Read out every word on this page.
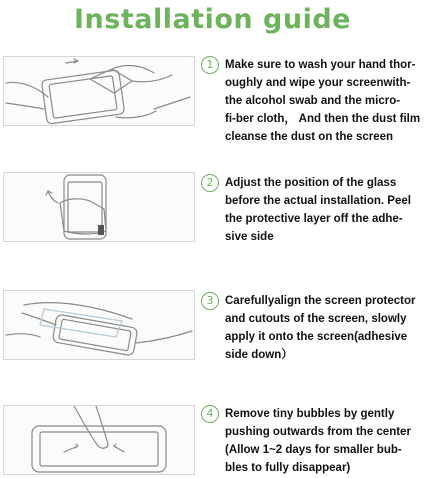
Installation guide
1	Make sure to wash your hand thor-
oughly and wipe your screenwith-
the alcohol swab and the micro-
fi-ber cloth， And then the dust film
cleanse the dust on the screen
2	Adjust the position of the glass
before the actual installation. Peel
the protective layer off the adhe-
sive side
3	Carefullyalign the screen protector
and cutouts of the screen, slowly
apply it onto the screen(adhesive
side down）
4	Remove tiny bubbles by gently
pushing outwards from the center
(Allow 1~2 days for smaller bub-
bles to fully disappear)
